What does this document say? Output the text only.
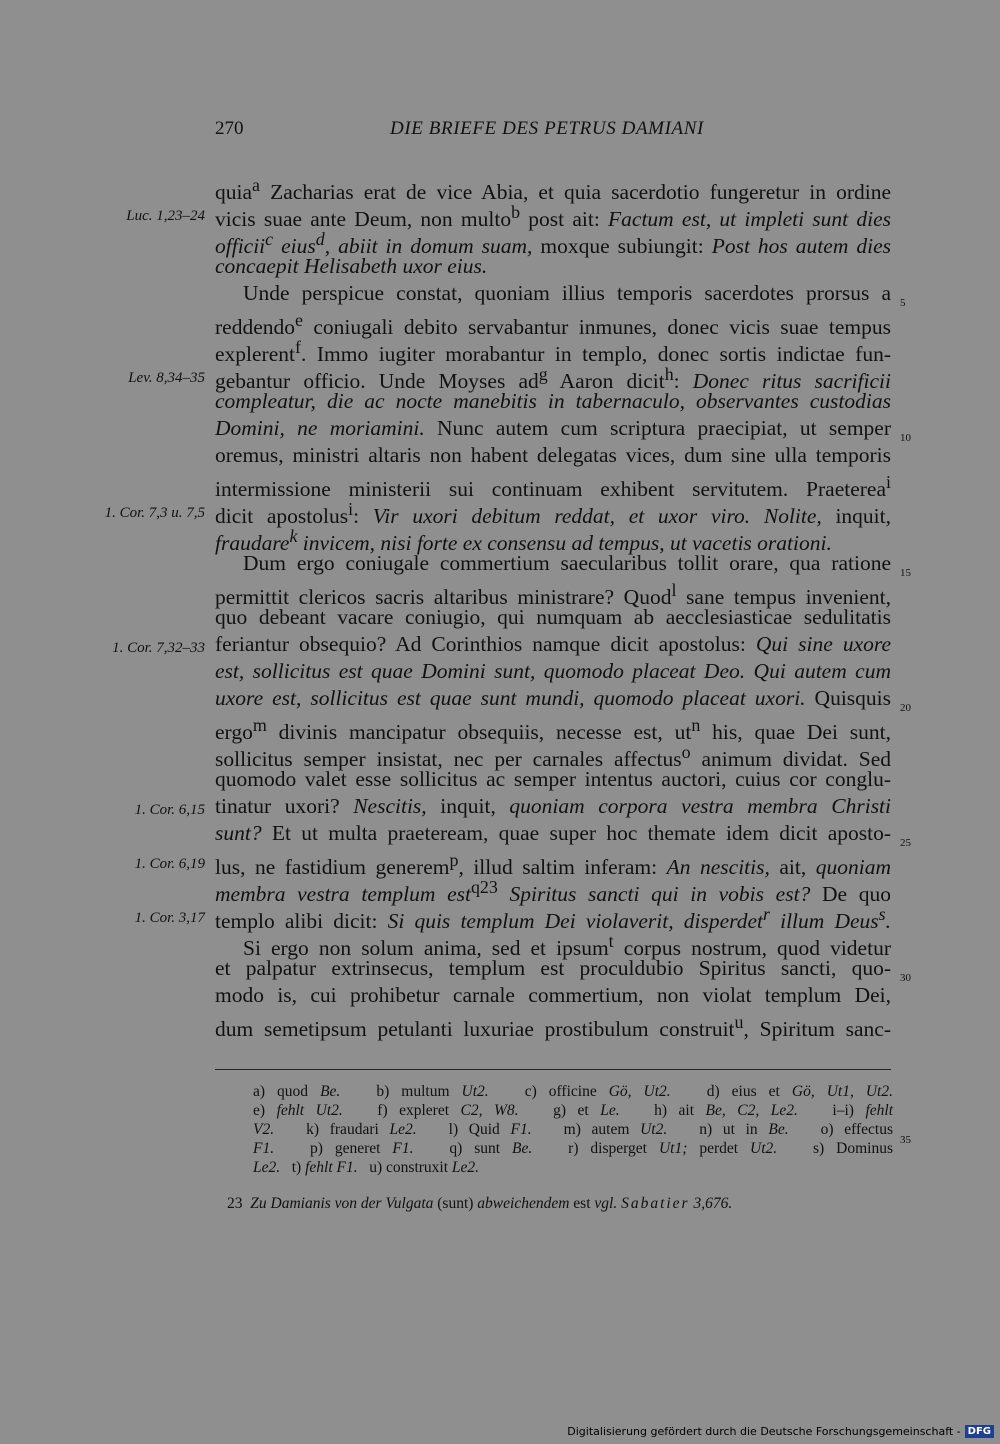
270	DIE BRIEFE DES PETRUS DAMIANI
quia$^a$ Zacharias erat de vice Abia, et quia sacerdotio fungeretur in ordine
vicis suae ante Deum, non multo$^b$ post ait: Factum est, ut impleti sunt dies
officii$^c$ eius$^d$, abiit in domum suam, moxque subiungit: Post hos autem dies
concaepit Helisabeth uxor eius.
Unde perspicue constat, quoniam illius temporis sacerdotes prorsus a
reddendo$^e$ coniugali debito servabantur inmunes, donec vicis suae tempus
explerent$^f$. Immo iugiter morabantur in templo, donec sortis indictae fun-
gebantur officio. Unde Moyses $ad^g$ Aaron dicit$^h$: Donec ritus sacrificii
compleatur, die ac nocte manebitis in tabernaculo, observantes custodias
Domini, ne moriamini. Nunc autem cum scriptura praecipiat, ut semper
oremus, ministri altaris non habent delegatas vices, dum sine ulla temporis
intermissione ministerii sui continuam exhibent servitutem. Praeterea$^i$
dicit apostolus$^i$: Vir uxori debitum reddat, et uxor viro. Nolite, inquit,
fraudare$^k$ invicem, nisi forte ex consensu ad tempus, ut vacetis orationi.
Dum ergo coniugale commertium saecularibus tollit orare, qua ratione
permittit clericos sacris altaribus ministrare? Quod$^l$ sane tempus invenient,
quo debeant vacare coniugio, qui numquam ab aecclesiasticae sedulitatis
feriantur obsequio? Ad Corinthios namque dicit apostolus: Qui sine uxore
est, sollicitus est quae Domini sunt, quomodo placeat Deo. Qui autem cum
uxore est, sollicitus est quae sunt mundi, quomodo placeat uxori. Quisquis
ergo$^m$ divinis mancipatur obsequiis, necesse est, $ut^n$ his, quae Dei sunt,
sollicitus semper insistat, nec per carnales affectus$^o$ animum dividat. Sed
quomodo valet esse sollicitus ac semper intentus auctori, cuius cor conglu-
tinatur uxori? Nescitis, inquit, quoniam corpora vestra membra Christi
sunt? Et ut multa praeteream, quae super hoc themate idem dicit aposto-
lus, ne fastidium generem$^p$, illud saltim inferam: An nescitis, ait, quoniam
membra vestra templum est$^{q23}$ Spiritus sancti qui in vobis est? De quo
templo alibi dicit: Si quis templum Dei violaverit, disperdet$^r$ illum Deus$^s$.
Si ergo non solum anima, sed et ipsum$^t$ corpus nostrum, quod videtur
et palpatur extrinsecus, templum est proculdubio Spiritus sancti, quo-
modo is, cui prohibetur carnale commertium, non violat templum Dei,
dum semetipsum petulanti luxuriae prostibulum construit$^u$, Spiritum sanc-
Luc. 1,23–24
Lev. 8,34–35
1. Cor. 7,3 u. 7,5
1. Cor. 7,32–33
1. Cor. 6,15
1. Cor. 6,19
1. Cor. 3,17
5
10
15
20
25
30
35
a) quod Be.   b) multum Ut2.   c) officine Gö, Ut2.   d) eius et Gö, Ut1, Ut2.
e) fehlt Ut2.   f) expleret C2, W8.   g) et Le.   h) ait Be, C2, Le2.   i–i) fehlt
V2.   k) fraudari Le2.   l) Quid F1.   m) autem Ut2.   n) ut in Be.   o) effectus
F1.   p) generet F1.   q) sunt Be.   r) disperget Ut1; perdet Ut2.   s) Dominus
Le2.   t) fehlt F1.   u) construxit Le2.
23  Zu Damianis von der Vulgata (sunt) abweichendem est vgl. Sabatier 3,676.
Digitalisierung gefördert durch die Deutsche Forschungsgemeinschaft - DFG
